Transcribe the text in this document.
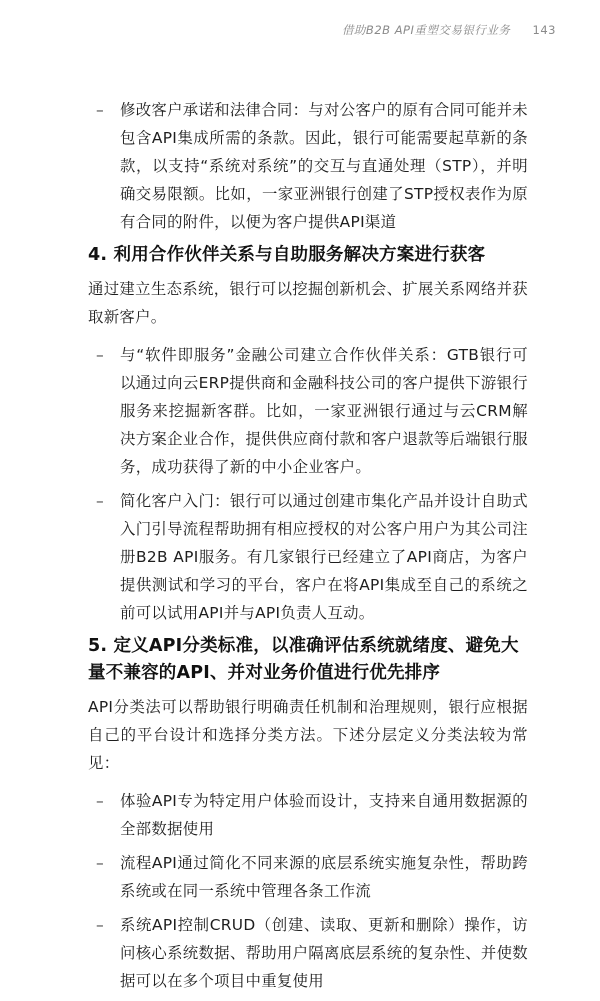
借助B2B API重塑交易银行业务 143
– 修改客户承诺和法律合同：与对公客户的原有合同可能并未包含API集成所需的条款。因此，银行可能需要起草新的条款，以支持“系统对系统”的交互与直通处理（STP），并明确交易限额。比如，一家亚洲银行创建了STP授权表作为原有合同的附件，以便为客户提供API渠道
4. 利用合作伙伴关系与自助服务解决方案进行获客
通过建立生态系统，银行可以挖掘创新机会、扩展关系网络并获取新客户。
– 与“软件即服务”金融公司建立合作伙伴关系：GTB银行可以通过向云ERP提供商和金融科技公司的客户提供下游银行服务来挖掘新客群。比如，一家亚洲银行通过与云CRM解决方案企业合作，提供供应商付款和客户退款等后端银行服务，成功获得了新的中小企业客户。
– 简化客户入门：银行可以通过创建市集化产品并设计自助式入门引导流程帮助拥有相应授权的对公客户用户为其公司注册B2B API服务。有几家银行已经建立了API商店，为客户提供测试和学习的平台，客户在将API集成至自己的系统之前可以试用API并与API负责人互动。
5. 定义API分类标准，以准确评估系统就绪度、避免大量不兼容的API、并对业务价值进行优先排序
API分类法可以帮助银行明确责任机制和治理规则，银行应根据自己的平台设计和选择分类方法。下述分层定义分类法较为常见：
– 体验API专为特定用户体验而设计，支持来自通用数据源的全部数据使用
– 流程API通过简化不同来源的底层系统实施复杂性，帮助跨系统或在同一系统中管理各条工作流
– 系统API控制CRUD（创建、读取、更新和删除）操作，访问核心系统数据、帮助用户隔离底层系统的复杂性、并使数据可以在多个项目中重复使用
